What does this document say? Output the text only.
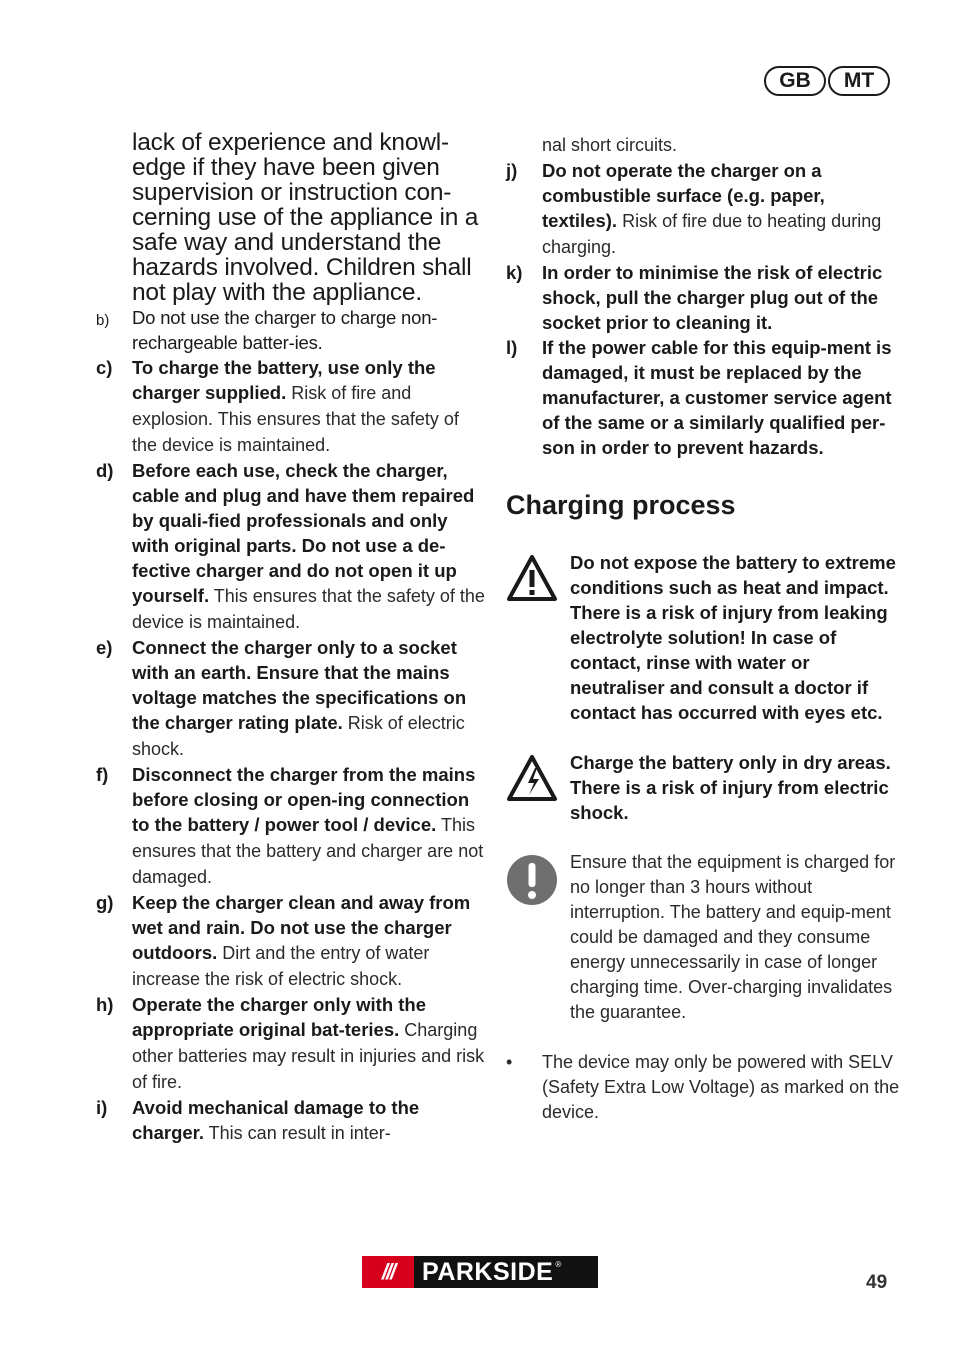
GB	MT
lack of experience and knowl-edge if they have been given supervision or instruction con-cerning use of the appliance in a safe way and understand the hazards involved. Children shall not play with the appliance.
b)	Do not use the charger to charge non-rechargeable batter-ies.
c)	To charge the battery, use only the charger supplied. Risk of fire and explosion. This ensures that the safety of the device is maintained.
d)	Before each use, check the charger, cable and plug and have them repaired by quali-fied professionals and only with original parts. Do not use a de-fective charger and do not open it up yourself. This ensures that the safety of the device is maintained.
e)	Connect the charger only to a socket with an earth. Ensure that the mains voltage matches the specifications on the charger rating plate. Risk of electric shock.
f)	Disconnect the charger from the mains before closing or open-ing connection to the battery / power tool / device. This ensures that the battery and charger are not damaged.
g)	Keep the charger clean and away from wet and rain. Do not use the charger outdoors. Dirt and the entry of water increase the risk of electric shock.
h)	Operate the charger only with the appropriate original bat-teries. Charging other batteries may result in injuries and risk of fire.
i)	Avoid mechanical damage to the charger. This can result in inter-
nal short circuits.
j)	Do not operate the charger on a combustible surface (e.g. paper, textiles). Risk of fire due to heating during charging.
k)	In order to minimise the risk of electric shock, pull the charger plug out of the socket prior to cleaning it.
l)	If the power cable for this equip-ment is damaged, it must be replaced by the manufacturer, a customer service agent of the same or a similarly qualified per-son in order to prevent hazards.
Charging process
Do not expose the battery to extreme conditions such as heat and impact. There is a risk of injury from leaking electrolyte solution! In case of contact, rinse with water or neutraliser and consult a doctor if contact has occurred with eyes etc.
Charge the battery only in dry areas.
There is a risk of injury from electric shock.
Ensure that the equipment is charged for no longer than 3 hours without interruption. The battery and equip-ment could be damaged and they consume energy unnecessarily in case of longer charging time. Over-charging invalidates the guarantee.
•	The device may only be powered with SELV (Safety Extra Low Voltage) as marked on the device.
///	PARKSIDE ®
49
